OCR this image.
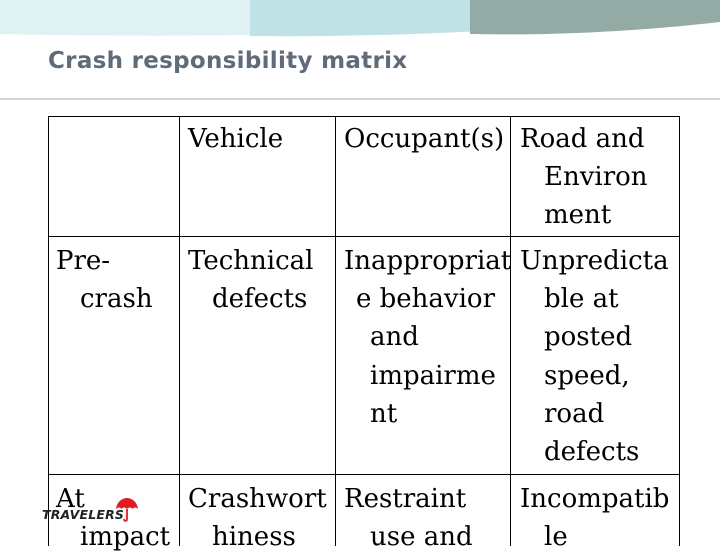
Crash responsibility matrix
Vehicle Occupant(s) Road and
Environ
ment
Pre-
crash
Technical
defects
Inappropriat
e behavior
and
impairme
nt
Unpredicta
ble at
posted
speed,
road
defects
At
impact
Crashwort
hiness
Restraint
use and
Incompatib
le
TRAVELERS
